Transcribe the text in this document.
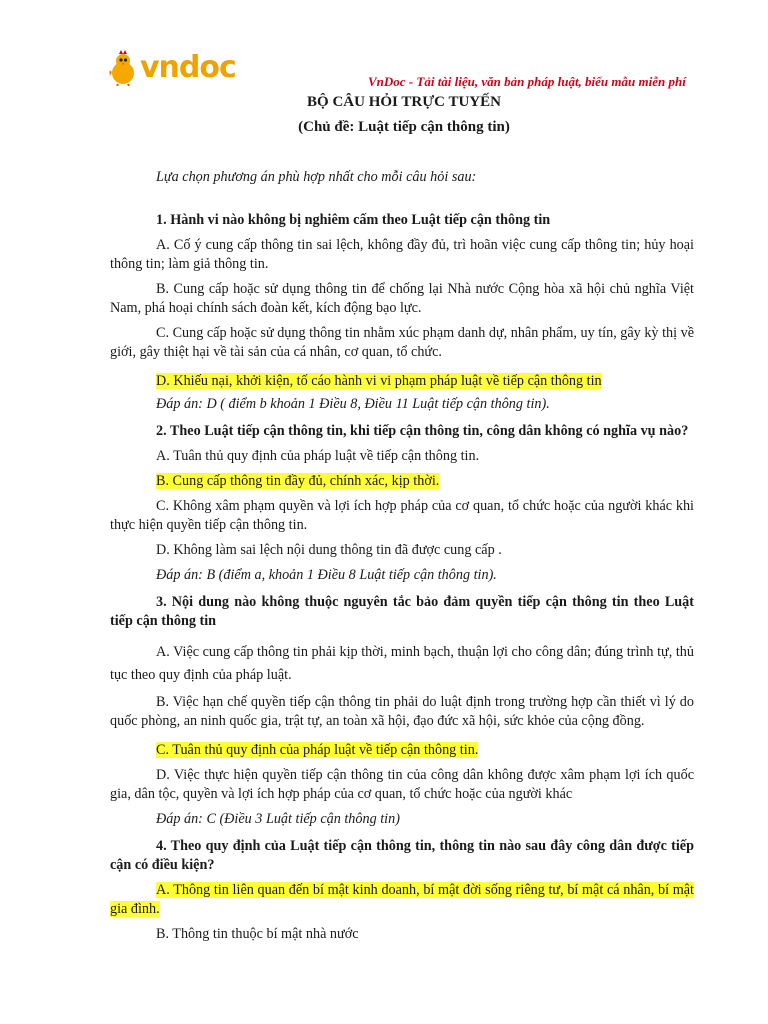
vndoc	VnDoc - Tải tài liệu, văn bản pháp luật, biểu mẫu miễn phí
BỘ CÂU HỎI TRỰC TUYẾN
(Chủ đề: Luật tiếp cận thông tin)
Lựa chọn phương án phù hợp nhất cho mỗi câu hỏi sau:
1. Hành vi nào không bị nghiêm cấm theo Luật tiếp cận thông tin
A. Cố ý cung cấp thông tin sai lệch, không đầy đủ, trì hoãn việc cung cấp thông tin; hủy hoại thông tin; làm giả thông tin.
B. Cung cấp hoặc sử dụng thông tin để chống lại Nhà nước Cộng hòa xã hội chủ nghĩa Việt Nam, phá hoại chính sách đoàn kết, kích động bạo lực.
C. Cung cấp hoặc sử dụng thông tin nhằm xúc phạm danh dự, nhân phẩm, uy tín, gây kỳ thị về giới, gây thiệt hại về tài sản của cá nhân, cơ quan, tổ chức.
D. Khiếu nại, khởi kiện, tố cáo hành vi vi phạm pháp luật về tiếp cận thông tin
Đáp án: D ( điểm b khoản 1 Điều 8, Điều 11 Luật tiếp cận thông tin).
2. Theo Luật tiếp cận thông tin, khi tiếp cận thông tin, công dân không có nghĩa vụ nào?
A. Tuân thủ quy định của pháp luật về tiếp cận thông tin.
B. Cung cấp thông tin đầy đủ, chính xác, kịp thời.
C. Không xâm phạm quyền và lợi ích hợp pháp của cơ quan, tổ chức hoặc của người khác khi thực hiện quyền tiếp cận thông tin.
D. Không làm sai lệch nội dung thông tin đã được cung cấp .
Đáp án: B (điểm a, khoản 1 Điều 8 Luật tiếp cận thông tin).
3. Nội dung nào không thuộc nguyên tắc bảo đảm quyền tiếp cận thông tin theo Luật tiếp cận thông tin
A. Việc cung cấp thông tin phải kịp thời, minh bạch, thuận lợi cho công dân; đúng trình tự, thủ tục theo quy định của pháp luật.
B. Việc hạn chế quyền tiếp cận thông tin phải do luật định trong trường hợp cần thiết vì lý do quốc phòng, an ninh quốc gia, trật tự, an toàn xã hội, đạo đức xã hội, sức khỏe của cộng đồng.
C. Tuân thủ quy định của pháp luật về tiếp cận thông tin.
D. Việc thực hiện quyền tiếp cận thông tin của công dân không được xâm phạm lợi ích quốc gia, dân tộc, quyền và lợi ích hợp pháp của cơ quan, tổ chức hoặc của người khác
Đáp án: C (Điều 3 Luật tiếp cận thông tin)
4. Theo quy định của Luật tiếp cận thông tin, thông tin nào sau đây công dân được tiếp cận có điều kiện?
A. Thông tin liên quan đến bí mật kinh doanh, bí mật đời sống riêng tư, bí mật cá nhân, bí mật gia đình.
B. Thông tin thuộc bí mật nhà nước
